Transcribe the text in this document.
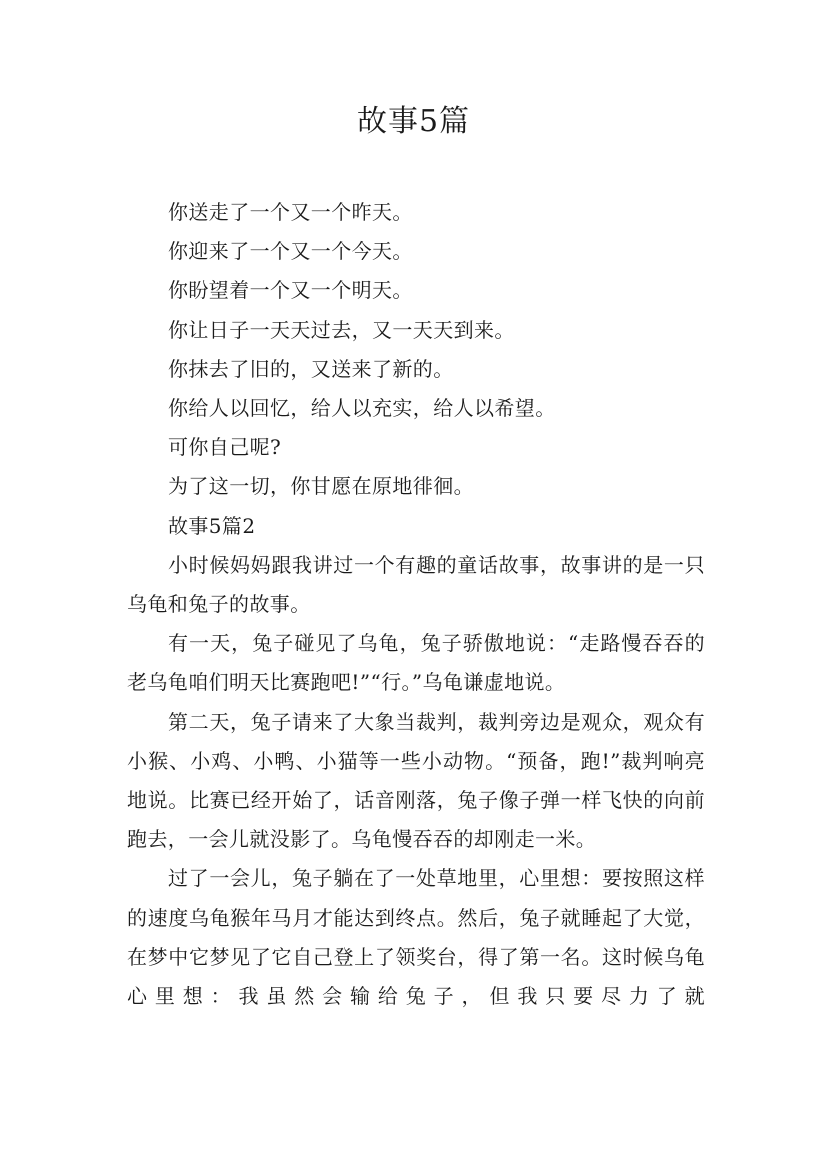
故事5篇

你送走了一个又一个昨天。

你迎来了一个又一个今天。

你盼望着一个又一个明天。

你让日子一天天过去，又一天天到来。

你抹去了旧的，又送来了新的。

你给人以回忆，给人以充实，给人以希望。

可你自己呢?

为了这一切，你甘愿在原地徘徊。

故事5篇2

小时候妈妈跟我讲过一个有趣的童话故事，故事讲的是一只乌龟和兔子的故事。

有一天，兔子碰见了乌龟，兔子骄傲地说：“走路慢吞吞的老乌龟咱们明天比赛跑吧!”“行。”乌龟谦虚地说。

第二天，兔子请来了大象当裁判，裁判旁边是观众，观众有小猴、小鸡、小鸭、小猫等一些小动物。“预备，跑!”裁判响亮地说。比赛已经开始了，话音刚落，兔子像子弹一样飞快的向前跑去，一会儿就没影了。乌龟慢吞吞的却刚走一米。

过了一会儿，兔子躺在了一处草地里，心里想：要按照这样的速度乌龟猴年马月才能达到终点。然后，兔子就睡起了大觉，在梦中它梦见了它自己登上了领奖台，得了第一名。这时候乌龟心里想：我虽然会输给兔子，但我只要尽力了就
